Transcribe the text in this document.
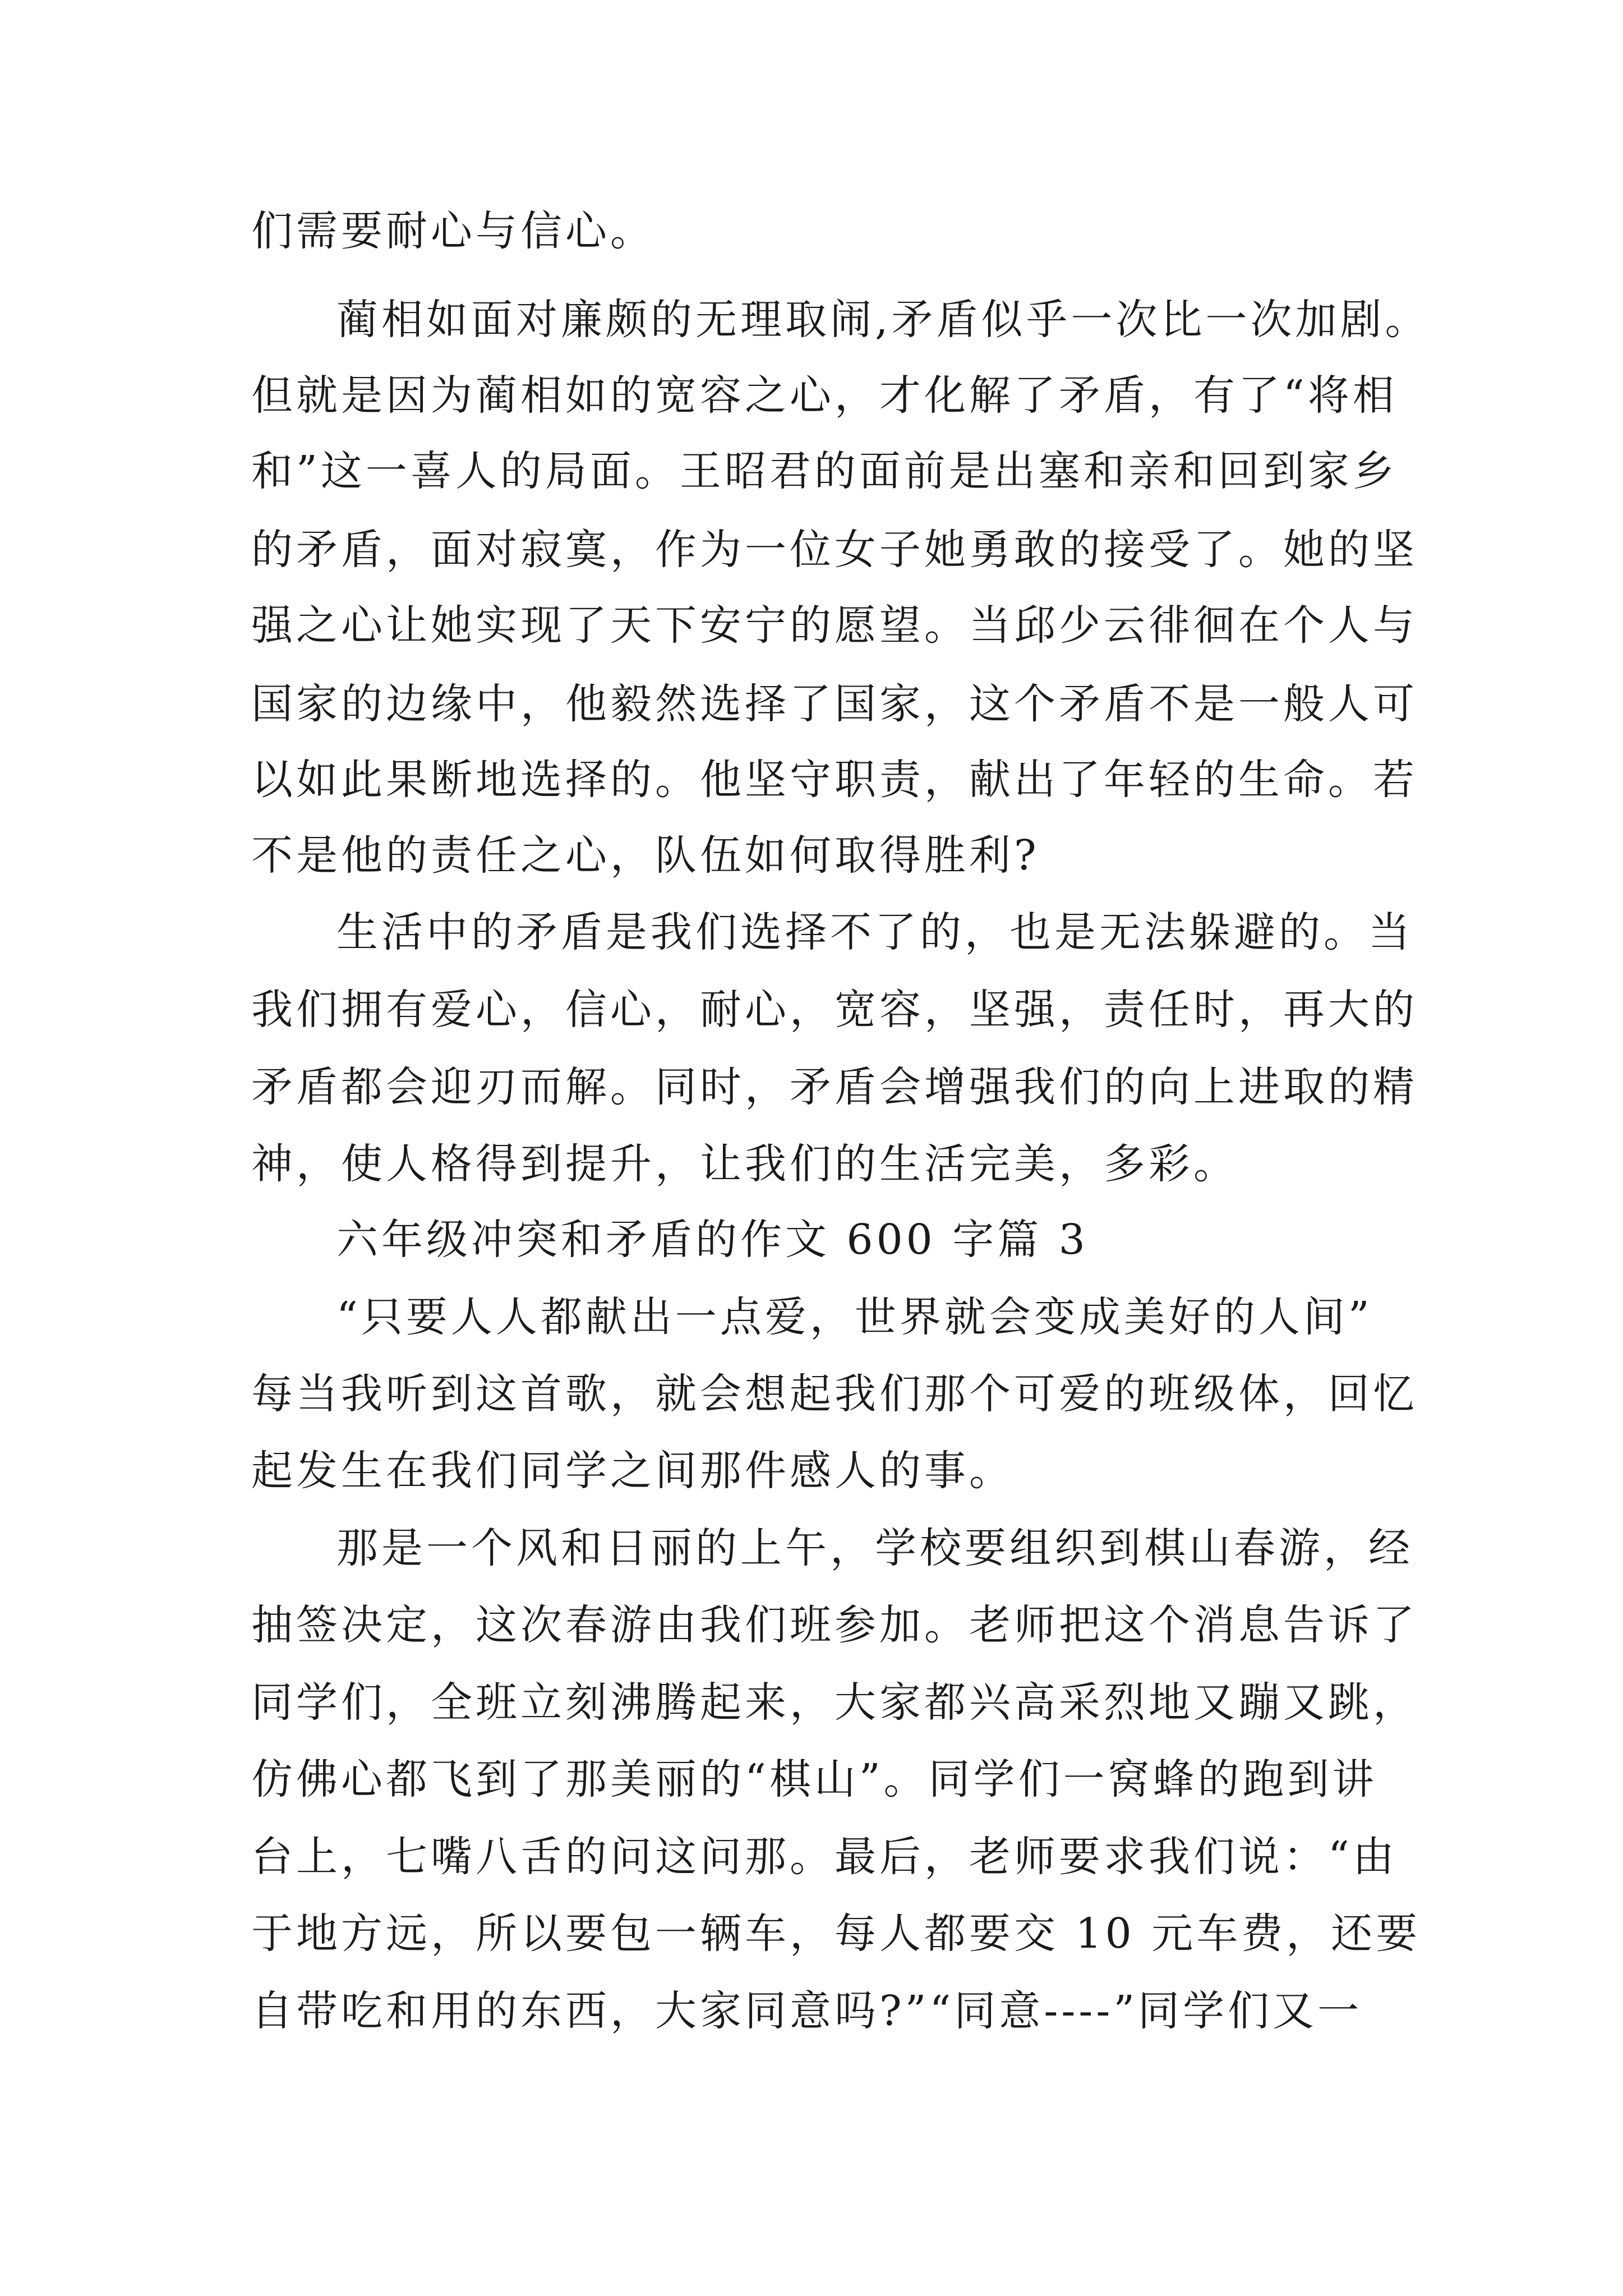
们需要耐心与信心。
蔺相如面对廉颇的无理取闹,矛盾似乎一次比一次加剧。
但就是因为蔺相如的宽容之心，才化解了矛盾，有了“将相
和”这一喜人的局面。王昭君的面前是出塞和亲和回到家乡
的矛盾，面对寂寞，作为一位女子她勇敢的接受了。她的坚
强之心让她实现了天下安宁的愿望。当邱少云徘徊在个人与
国家的边缘中，他毅然选择了国家，这个矛盾不是一般人可
以如此果断地选择的。他坚守职责，献出了年轻的生命。若
不是他的责任之心，队伍如何取得胜利?
生活中的矛盾是我们选择不了的，也是无法躲避的。当
我们拥有爱心，信心，耐心，宽容，坚强，责任时，再大的
矛盾都会迎刃而解。同时，矛盾会增强我们的向上进取的精
神，使人格得到提升，让我们的生活完美，多彩。
六年级冲突和矛盾的作文 600 字篇 3
“只要人人都献出一点爱，世界就会变成美好的人间”
每当我听到这首歌，就会想起我们那个可爱的班级体，回忆
起发生在我们同学之间那件感人的事。
那是一个风和日丽的上午，学校要组织到棋山春游，经
抽签决定，这次春游由我们班参加。老师把这个消息告诉了
同学们，全班立刻沸腾起来，大家都兴高采烈地又蹦又跳，
仿佛心都飞到了那美丽的“棋山”。同学们一窝蜂的跑到讲
台上，七嘴八舌的问这问那。最后，老师要求我们说：“由
于地方远，所以要包一辆车，每人都要交 10 元车费，还要
自带吃和用的东西，大家同意吗?”“同意----”同学们又一
